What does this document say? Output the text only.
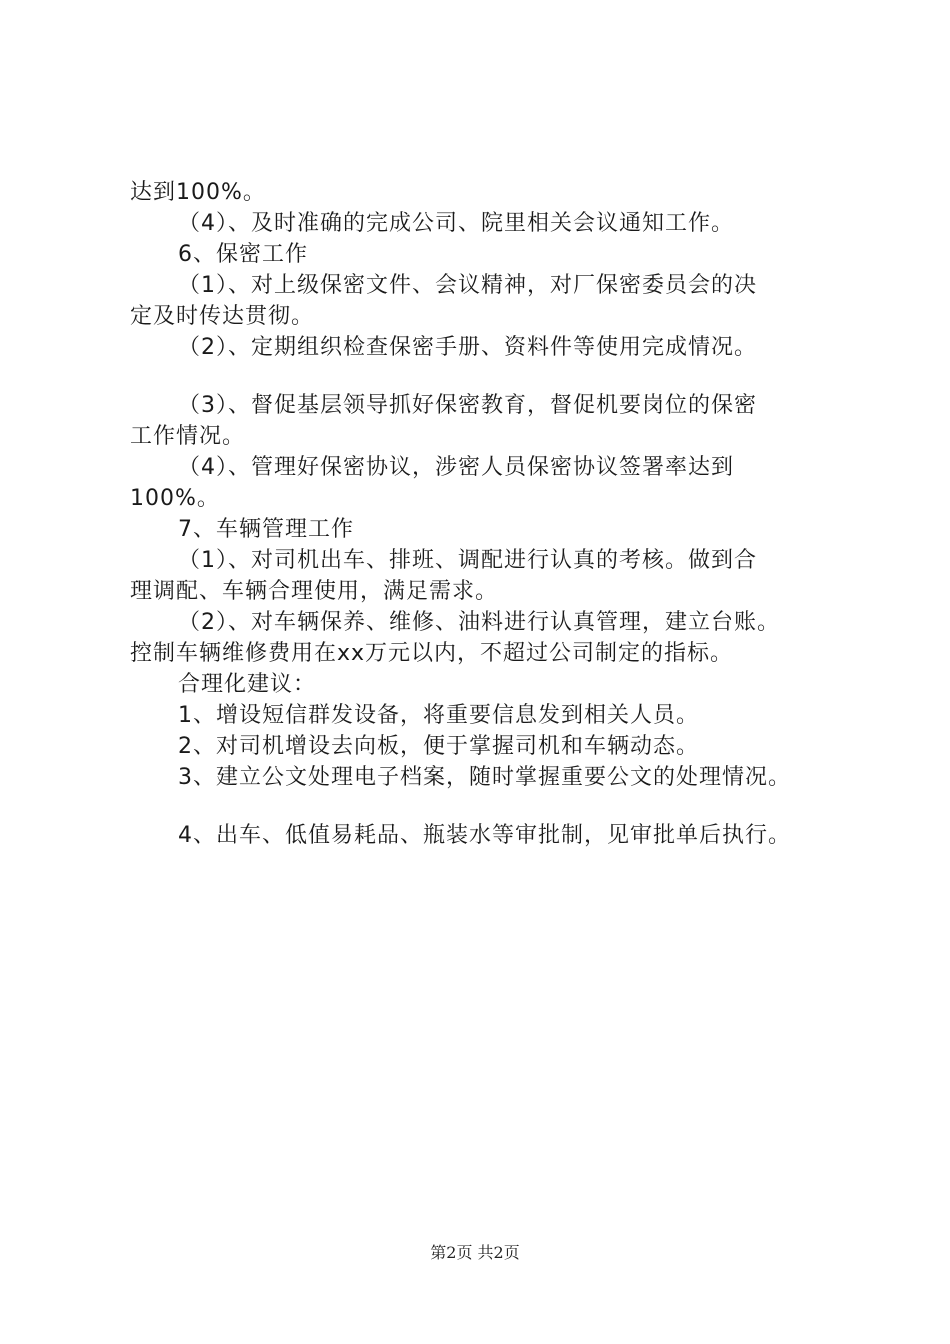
达到100%。
（4）、及时准确的完成公司、院里相关会议通知工作。
6、保密工作
（1）、对上级保密文件、会议精神，对厂保密委员会的决
定及时传达贯彻。
（2）、定期组织检查保密手册、资料件等使用完成情况。
（3）、督促基层领导抓好保密教育，督促机要岗位的保密
工作情况。
（4）、管理好保密协议，涉密人员保密协议签署率达到
100%。
7、车辆管理工作
（1）、对司机出车、排班、调配进行认真的考核。做到合
理调配、车辆合理使用，满足需求。
（2）、对车辆保养、维修、油料进行认真管理，建立台账。
控制车辆维修费用在xx万元以内，不超过公司制定的指标。
合理化建议：
1、增设短信群发设备，将重要信息发到相关人员。
2、对司机增设去向板，便于掌握司机和车辆动态。
3、建立公文处理电子档案，随时掌握重要公文的处理情况。
4、出车、低值易耗品、瓶装水等审批制，见审批单后执行。
第2页 共2页
